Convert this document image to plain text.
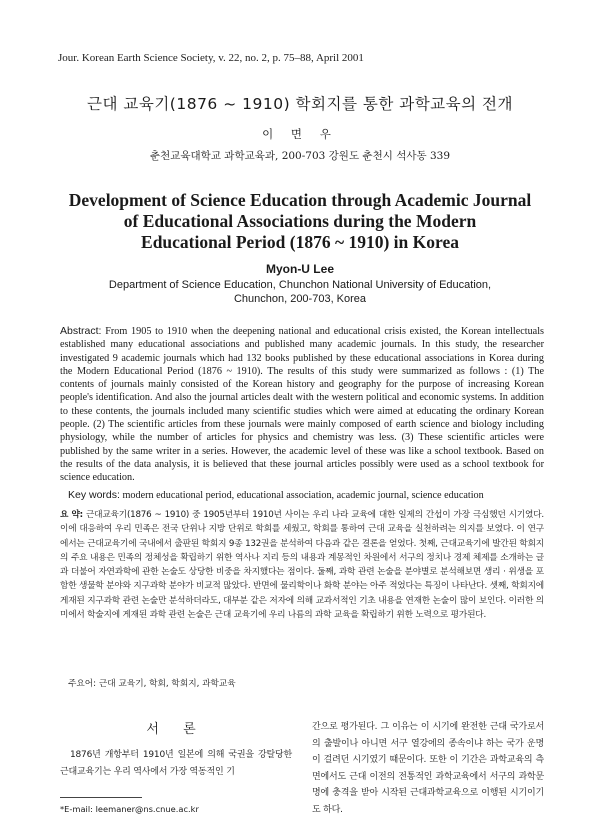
Jour. Korean Earth Science Society, v. 22, no. 2, p. 75–88, April 2001
근대 교육기(1876 ~ 1910) 학회지를 통한 과학교육의 전개
이 면 우
춘천교육대학교 과학교육과, 200-703 강원도 춘천시 석사동 339
Development of Science Education through Academic Journal
of Educational Associations during the Modern
Educational Period (1876 ~ 1910) in Korea
Myon-U Lee
Department of Science Education, Chunchon National University of Education,
Chunchon, 200-703, Korea
Abstract: From 1905 to 1910 when the deepening national and educational crisis existed, the Korean intellectuals established many educational associations and published many academic journals. In this study, the researcher investigated 9 academic journals which had 132 books published by these educational associations in Korea during the Modern Educational Period (1876 ~ 1910). The results of this study were summarized as follows : (1) The contents of journals mainly consisted of the Korean history and geography for the purpose of increasing Korean people's identification. And also the journal articles dealt with the western political and economic systems. In addition to these contents, the journals included many scientific studies which were aimed at educating the ordinary Korean people. (2) The scientific articles from these journals were mainly composed of earth science and biology including physiology, while the number of articles for physics and chemistry was less. (3) These scientific articles were published by the same writer in a series. However, the academic level of these was like a school textbook. Based on the results of the data analysis, it is believed that these journal articles possibly were used as a school textbook for science education.
Key words: modern educational period, educational association, academic journal, science education
요 약: 근대교육기(1876 ~ 1910) 중 1905년부터 1910년 사이는 우리 나라 교육에 대한 일제의 간섭이 가장 극심했던 시기였다. 이에 대응하여 우리 민족은 전국 단위나 지방 단위로 학회를 세웠고, 학회를 통하여 근대 교육을 실천하려는 의지를 보였다. 이 연구에서는 근대교육기에 국내에서 출판된 학회지 9종 132권을 분석하여 다음과 같은 결론을 얻었다. 첫째, 근대교육기에 발간된 학회지의 주요 내용은 민족의 정체성을 확립하기 위한 역사나 지리 등의 내용과 계몽적인 차원에서 서구의 정치나 경제 체제를 소개하는 글과 더불어 자연과학에 관한 논술도 상당한 비중을 차지했다는 점이다. 둘째, 과학 관련 논술을 분야별로 분석해보면 생리 · 위생을 포함한 생물학 분야와 지구과학 분야가 비교적 많았다. 반면에 물리학이나 화학 분야는 아주 적었다는 특징이 나타난다. 셋째, 학회지에 게재된 지구과학 관련 논술만 분석하더라도, 대부분 같은 저자에 의해 교과서적인 기초 내용을 연재한 논술이 많이 보인다. 이러한 의미에서 학술지에 게재된 과학 관련 논술은 근대 교육기에 우리 나름의 과학 교육을 확립하기 위한 노력으로 평가된다.
주요어: 근대 교육기, 학회, 학회지, 과학교육
서 론
1876년 개항부터 1910년 일본에 의해 국권을 강탈당한 근대교육기는 우리 역사에서 가장 역동적인 기
간으로 평가된다. 그 이유는 이 시기에 완전한 근대 국가로서의 출발이나 아니면 서구 열강에의 종속이냐 하는 국가 운명이 걸려던 시기였기 때문이다. 또한 이 기간은 과학교육의 측면에서도 근대 이전의 전통적인 과학교육에서 서구의 과학문명에 충격을 받아 시작된 근대과학교육으로 이행된 시기이기도 하다.
*E-mail: leemaner@ns.cnue.ac.kr
